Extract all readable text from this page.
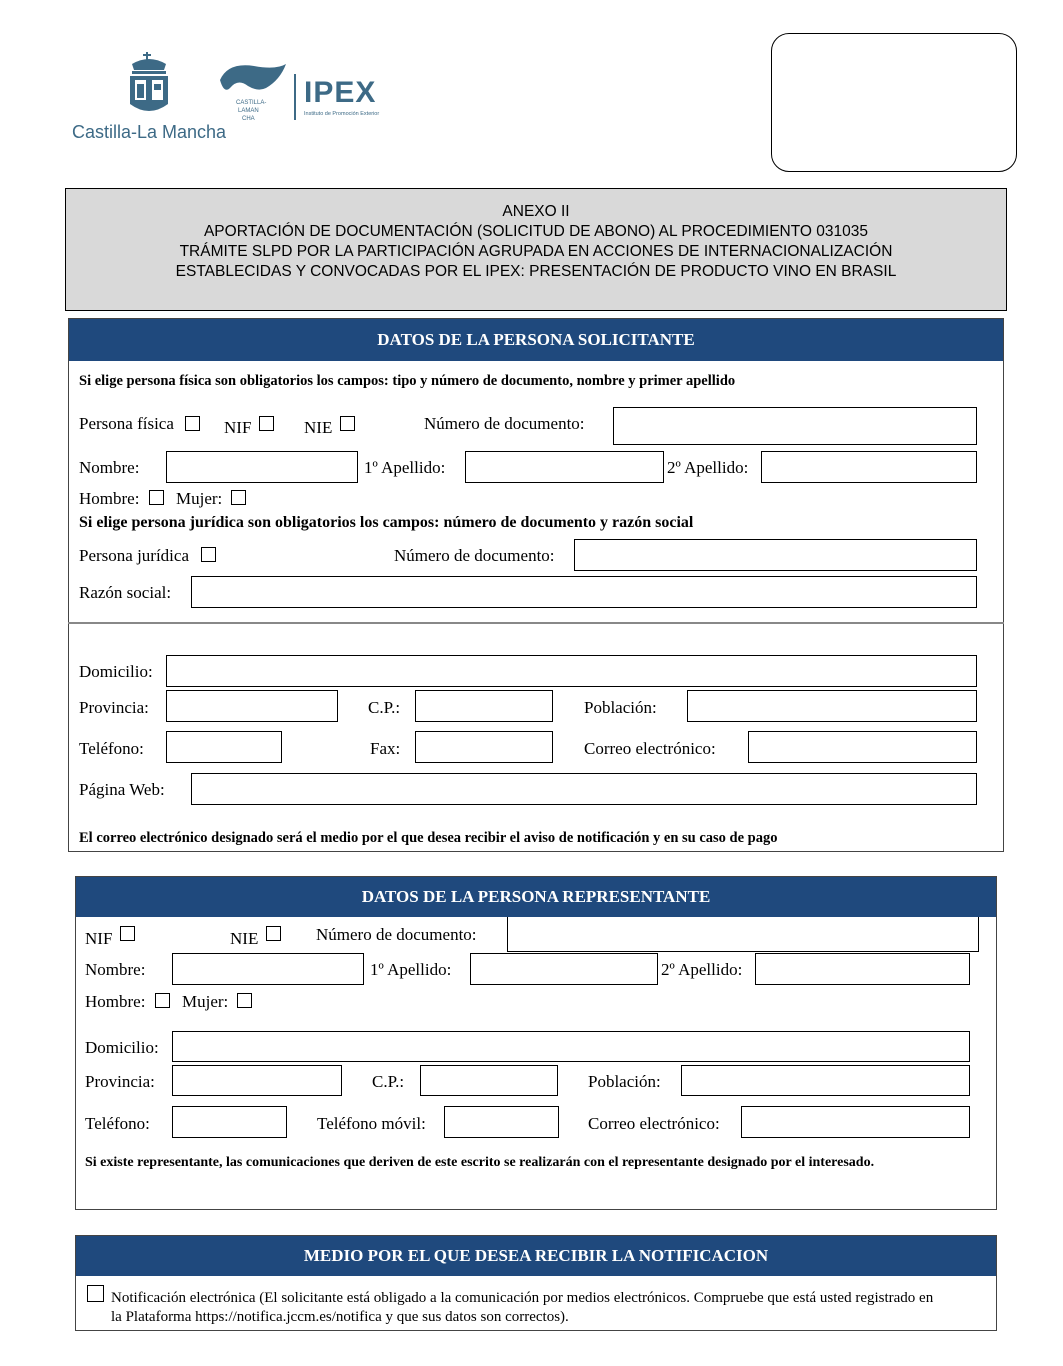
Castilla-La Mancha
CASTILLA-
LAMAN
CHA
IPEX
Instituto de Promoción Exterior
ANEXO II
APORTACIÓN DE DOCUMENTACIÓN (SOLICITUD DE ABONO) AL PROCEDIMIENTO 031035
TRÁMITE SLPD POR LA PARTICIPACIÓN AGRUPADA EN ACCIONES DE INTERNACIONALIZACIÓN
ESTABLECIDAS Y CONVOCADAS POR EL IPEX: PRESENTACIÓN DE PRODUCTO VINO EN BRASIL
DATOS DE LA PERSONA SOLICITANTE
Si elige persona física son obligatorios los campos: tipo y número de documento, nombre y primer apellido
Persona física	NIF	NIE	Número de documento:
Nombre:	1º Apellido:	2º Apellido:
Hombre: Mujer:
Si elige persona jurídica son obligatorios los campos: número de documento y razón social
Persona jurídica	Número de documento:
Razón social:
Domicilio:
Provincia:	C.P.:	Población:
Teléfono:	Fax:	Correo electrónico:
Página Web:
El correo electrónico designado será el medio por el que desea recibir el aviso de notificación y en su caso de pago
DATOS DE LA PERSONA REPRESENTANTE
NIF	NIE	Número de documento:
Nombre:	1º Apellido:	2º Apellido:
Hombre: Mujer:
Domicilio:
Provincia:	C.P.:	Población:
Teléfono:	Teléfono móvil:	Correo electrónico:
Si existe representante, las comunicaciones que deriven de este escrito se realizarán con el representante designado por el interesado.
MEDIO POR EL QUE DESEA RECIBIR LA NOTIFICACION
Notificación electrónica (El solicitante está obligado a la comunicación por medios electrónicos. Compruebe que está usted registrado en
la Plataforma https://notifica.jccm.es/notifica y que sus datos son correctos).
